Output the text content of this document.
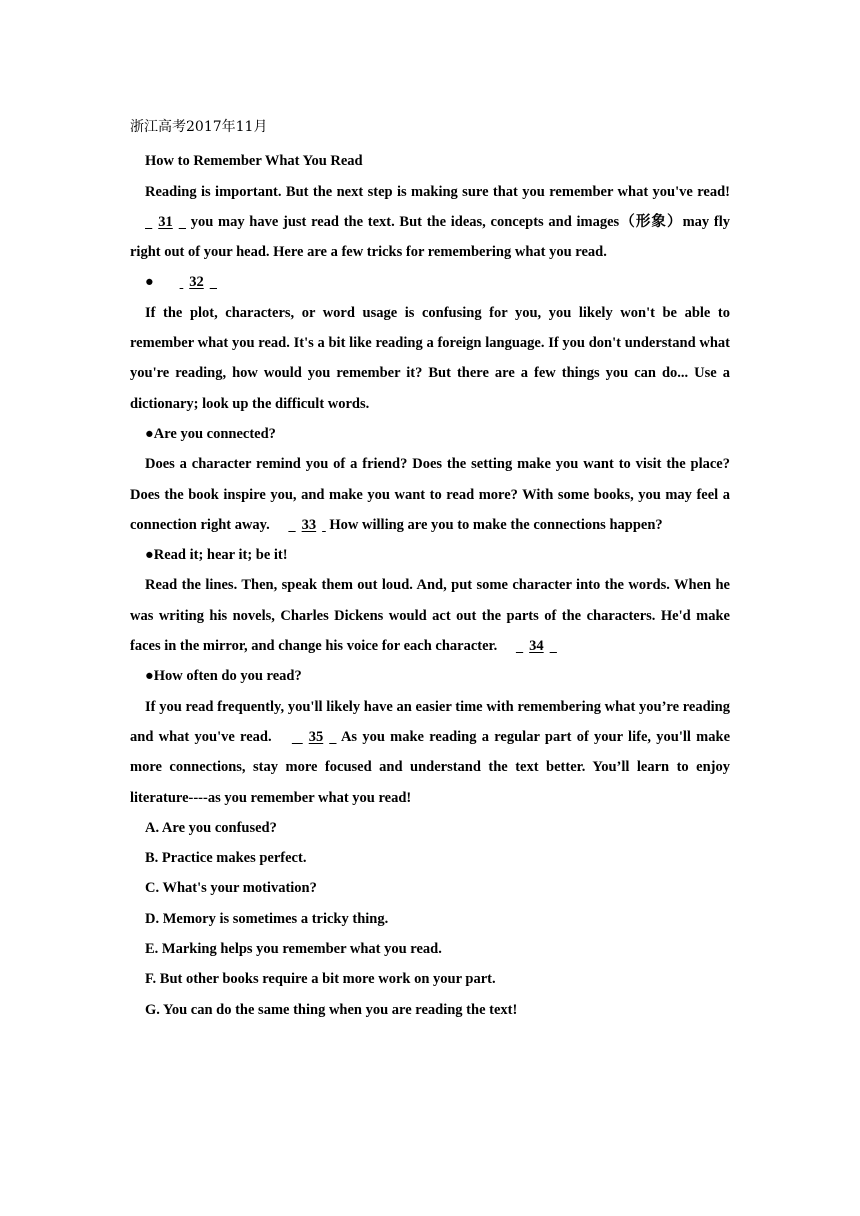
浙江高考2017年11月
How to Remember What You Read
Reading is important. But the next step is making sure that you remember what you've read!   31   you may have just read the text. But the ideas, concepts and images（形象）may fly right out of your head. Here are a few tricks for remembering what you read.
● 32
If the plot, characters, or word usage is confusing for you, you likely won't be able to remember what you read. It's a bit like reading a foreign language. If you don't understand what you're reading, how would you remember it? But there are a few things you can do... Use a dictionary; look up the difficult words.
●Are you connected?
Does a character remind you of a friend? Does the setting make you want to visit the place? Does the book inspire you, and make you want to read more? With some books, you may feel a connection right away.   33  How willing are you to make the connections happen?
●Read it; hear it; be it!
Read the lines. Then, speak them out loud. And, put some character into the words. When he was writing his novels, Charles Dickens would act out the parts of the characters. He'd make faces in the mirror, and change his voice for each character.   34
●How often do you read?
If you read frequently, you'll likely have an easier time with remembering what you’re reading and what you've read.    35   As you make reading a regular part of your life, you'll make more connections, stay more focused and understand the text better. You’ll learn to enjoy literature----as you remember what you read!
A. Are you confused?
B. Practice makes perfect.
C. What's your motivation?
D. Memory is sometimes a tricky thing.
E. Marking helps you remember what you read.
F. But other books require a bit more work on your part.
G. You can do the same thing when you are reading the text!
